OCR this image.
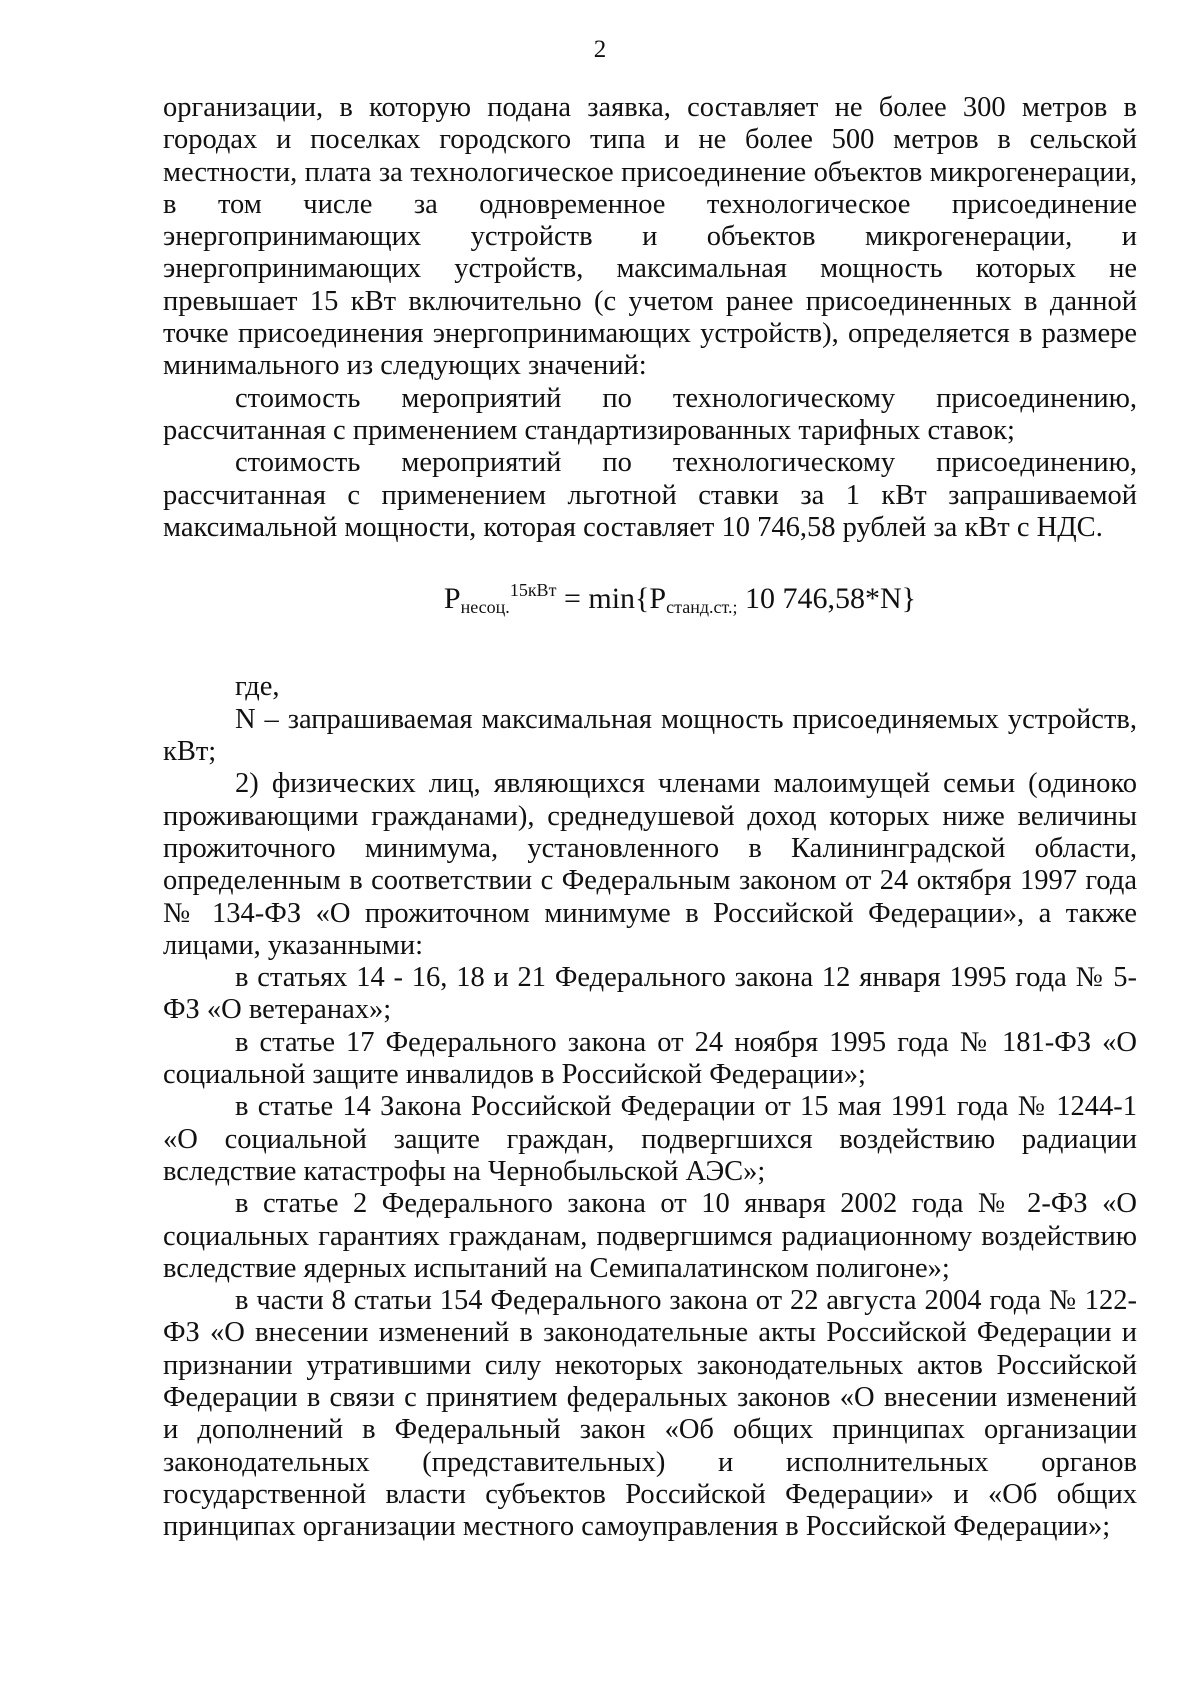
2

организации, в которую подана заявка, составляет не более 300 метров в городах и поселках городского типа и не более 500 метров в сельской местности, плата за технологическое присоединение объектов микрогенерации, в том числе за одновременное технологическое присоединение энергопринимающих устройств и объектов микрогенерации, и энергопринимающих устройств, максимальная мощность которых не превышает 15 кВт включительно (с учетом ранее присоединенных в данной точке присоединения энергопринимающих устройств), определяется в размере минимального из следующих значений:

стоимость мероприятий по технологическому присоединению, рассчитанная с применением стандартизированных тарифных ставок;

стоимость мероприятий по технологическому присоединению, рассчитанная с применением льготной ставки за 1 кВт запрашиваемой максимальной мощности, которая составляет 10 746,58 рублей за кВт с НДС.

$P_{несоц.}^{15кВт} = \min\{P_{станд.ст.;}$ 10 746,58*N}

где,

N – запрашиваемая максимальная мощность присоединяемых устройств, кВт;

2) физических лиц, являющихся членами малоимущей семьи (одиноко проживающими гражданами), среднедушевой доход которых ниже величины прожиточного минимума, установленного в Калининградской области, определенным в соответствии с Федеральным законом от 24 октября 1997 года № 134-ФЗ «О прожиточном минимуме в Российской Федерации», а также лицами, указанными:

в статьях 14 - 16, 18 и 21 Федерального закона 12 января 1995 года № 5-ФЗ «О ветеранах»;

в статье 17 Федерального закона от 24 ноября 1995 года № 181-ФЗ «О социальной защите инвалидов в Российской Федерации»;

в статье 14 Закона Российской Федерации от 15 мая 1991 года № 1244-1 «О социальной защите граждан, подвергшихся воздействию радиации вследствие катастрофы на Чернобыльской АЭС»;

в статье 2 Федерального закона от 10 января 2002 года № 2-ФЗ «О социальных гарантиях гражданам, подвергшимся радиационному воздействию вследствие ядерных испытаний на Семипалатинском полигоне»;

в части 8 статьи 154 Федерального закона от 22 августа 2004 года № 122-ФЗ «О внесении изменений в законодательные акты Российской Федерации и признании утратившими силу некоторых законодательных актов Российской Федерации в связи с принятием федеральных законов «О внесении изменений и дополнений в Федеральный закон «Об общих принципах организации законодательных (представительных) и исполнительных органов государственной власти субъектов Российской Федерации» и «Об общих принципах организации местного самоуправления в Российской Федерации»;
